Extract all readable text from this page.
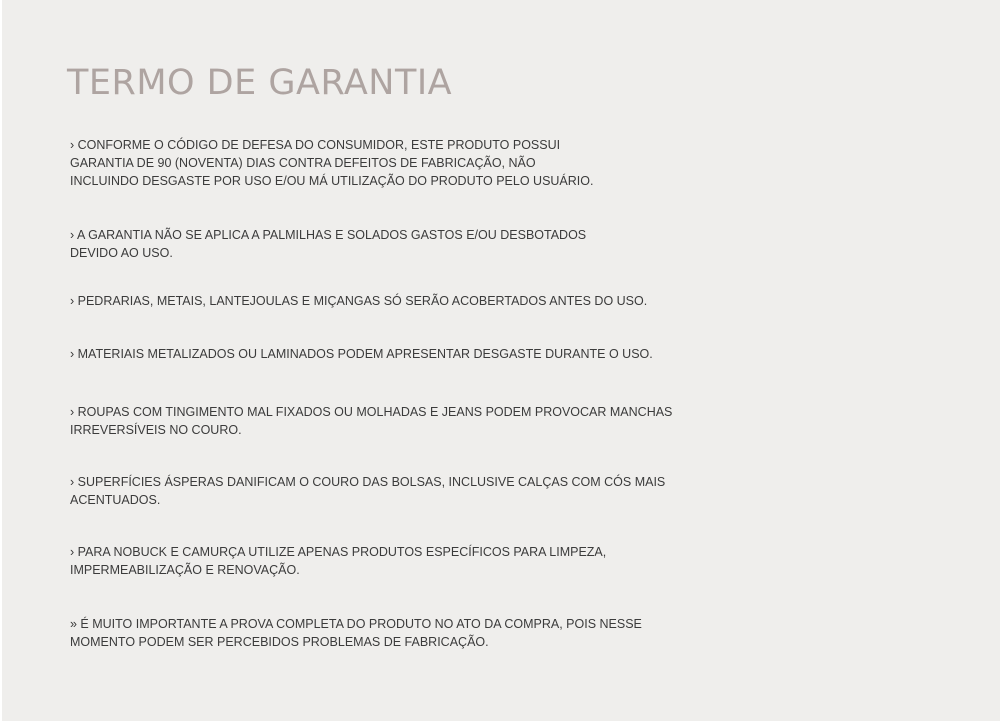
TERMO DE GARANTIA

› CONFORME O CÓDIGO DE DEFESA DO CONSUMIDOR, ESTE PRODUTO POSSUI
GARANTIA DE 90 (NOVENTA) DIAS CONTRA DEFEITOS DE FABRICAÇÃO, NÃO
INCLUINDO DESGASTE POR USO E/OU MÁ UTILIZAÇÃO DO PRODUTO PELO USUÁRIO.

› A GARANTIA NÃO SE APLICA A PALMILHAS E SOLADOS GASTOS E/OU DESBOTADOS
DEVIDO AO USO.

› PEDRARIAS, METAIS, LANTEJOULAS E MIÇANGAS SÓ SERÃO ACOBERTADOS ANTES DO USO.

› MATERIAIS METALIZADOS OU LAMINADOS PODEM APRESENTAR DESGASTE DURANTE O USO.

› ROUPAS COM TINGIMENTO MAL FIXADOS OU MOLHADAS E JEANS PODEM PROVOCAR MANCHAS
IRREVERSÍVEIS NO COURO.

› SUPERFÍCIES ÁSPERAS DANIFICAM O COURO DAS BOLSAS, INCLUSIVE CALÇAS COM CÓS MAIS
ACENTUADOS.

› PARA NOBUCK E CAMURÇA UTILIZE APENAS PRODUTOS ESPECÍFICOS PARA LIMPEZA,
IMPERMEABILIZAÇÃO E RENOVAÇÃO.

» É MUITO IMPORTANTE A PROVA COMPLETA DO PRODUTO NO ATO DA COMPRA, POIS NESSE
MOMENTO PODEM SER PERCEBIDOS PROBLEMAS DE FABRICAÇÃO.
